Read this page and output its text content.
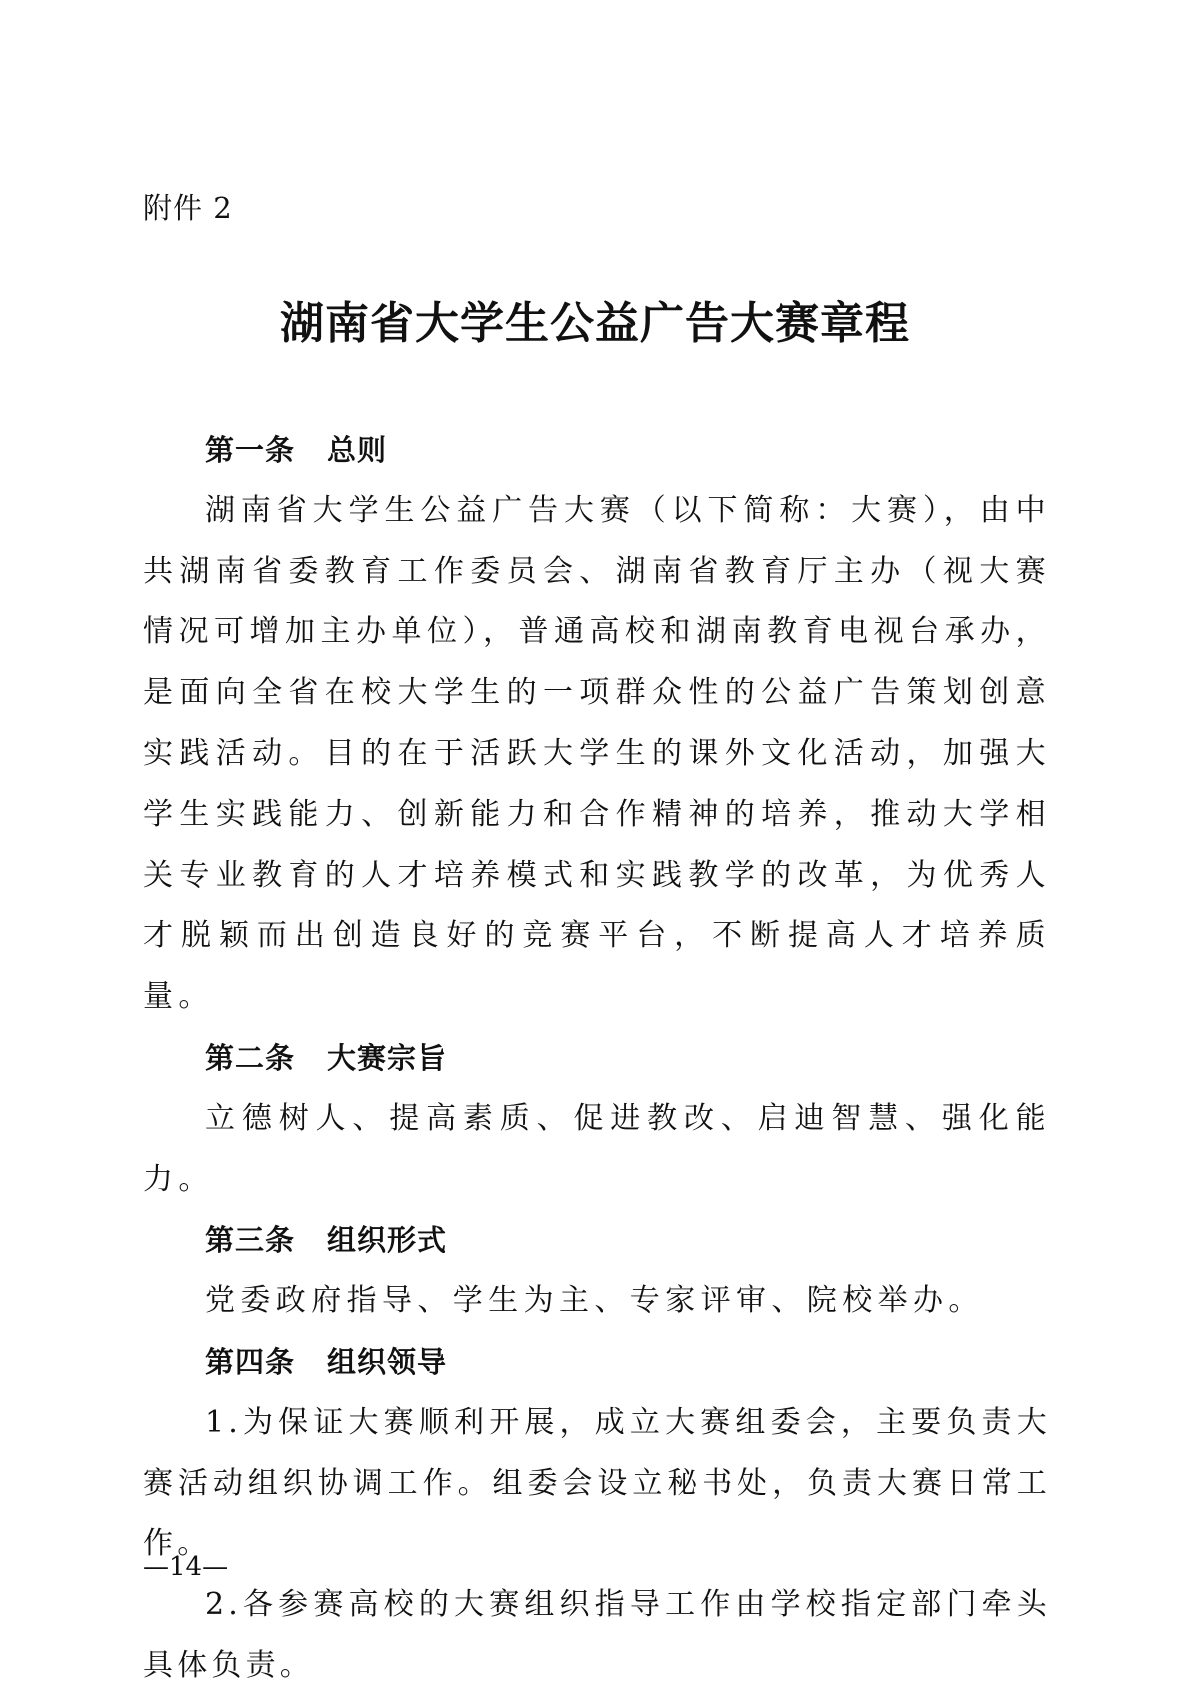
附件 2
湖南省大学生公益广告大赛章程

第一条 总则

湖南省大学生公益广告大赛（以下简称：大赛），由中共湖南省委教育工作委员会、湖南省教育厅主办（视大赛情况可增加主办单位），普通高校和湖南教育电视台承办，是面向全省在校大学生的一项群众性的公益广告策划创意实践活动。目的在于活跃大学生的课外文化活动，加强大学生实践能力、创新能力和合作精神的培养，推动大学相关专业教育的人才培养模式和实践教学的改革，为优秀人才脱颖而出创造良好的竞赛平台，不断提高人才培养质量。

第二条 大赛宗旨

立德树人、提高素质、促进教改、启迪智慧、强化能力。

第三条 组织形式

党委政府指导、学生为主、专家评审、院校举办。

第四条 组织领导

1.为保证大赛顺利开展，成立大赛组委会，主要负责大赛活动组织协调工作。组委会设立秘书处，负责大赛日常工作。

2.各参赛高校的大赛组织指导工作由学校指定部门牵头具体负责。

—14—
